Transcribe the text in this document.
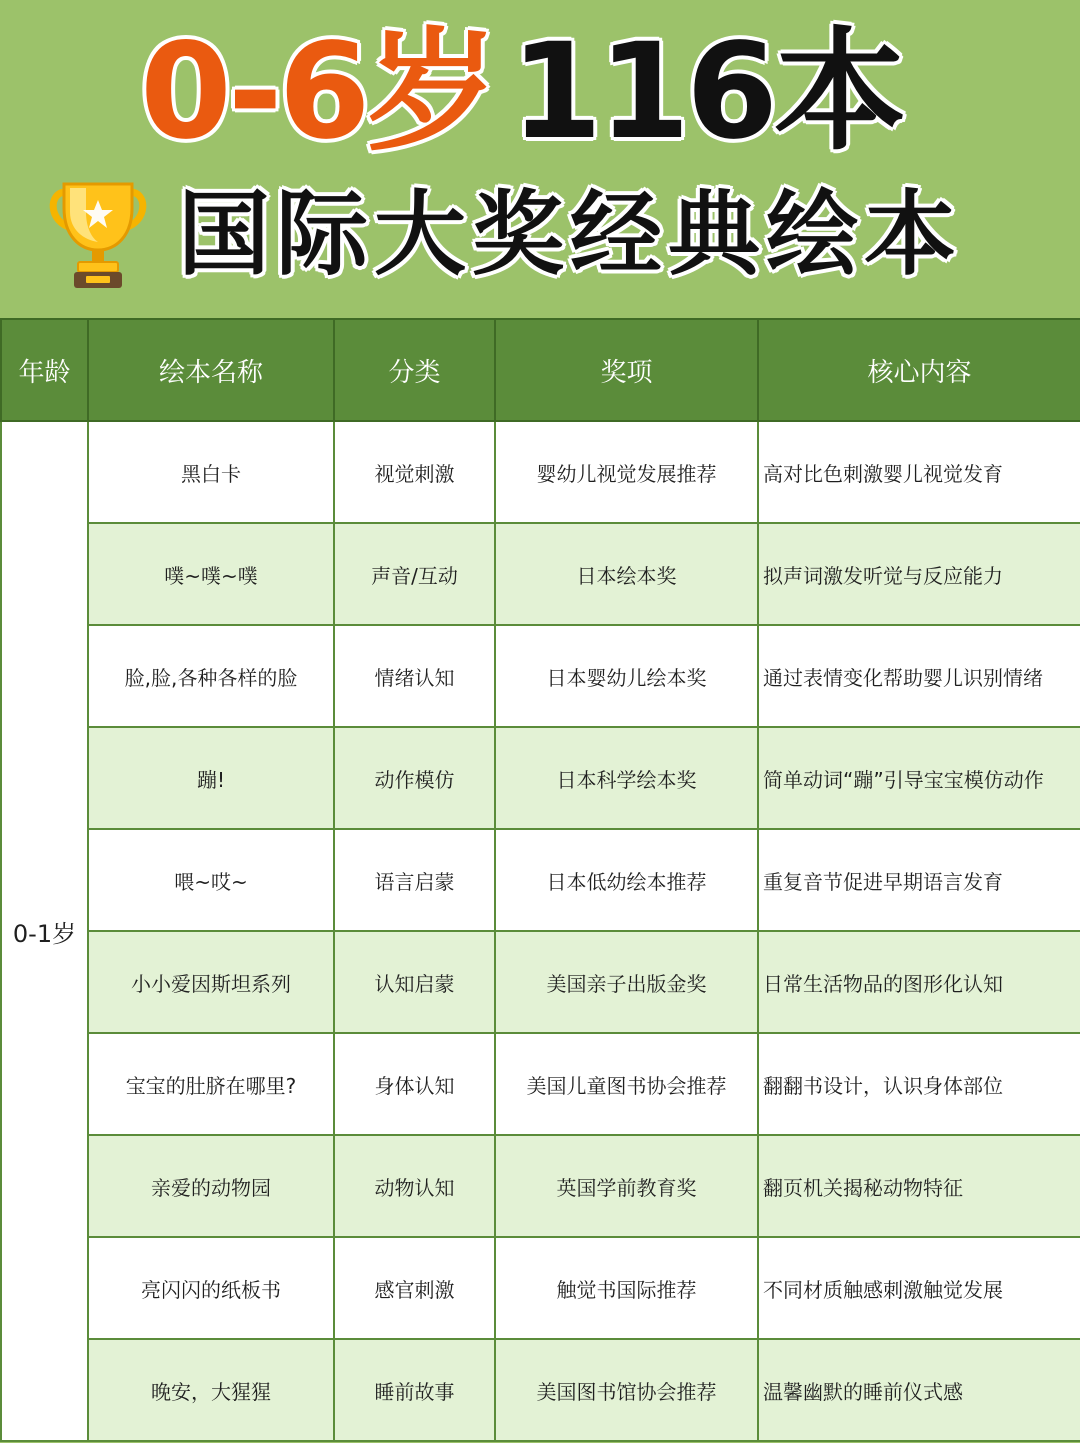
0-6岁 116本
国际大奖经典绘本
年龄	绘本名称	分类	奖项	核心内容
0-1岁	黑白卡	视觉刺激	婴幼儿视觉发展推荐	高对比色刺激婴儿视觉发育
	噗~噗~噗	声音/互动	日本绘本奖	拟声词激发听觉与反应能力
	脸,脸,各种各样的脸	情绪认知	日本婴幼儿绘本奖	通过表情变化帮助婴儿识别情绪
	蹦!	动作模仿	日本科学绘本奖	简单动词“蹦”引导宝宝模仿动作
	喂~哎~	语言启蒙	日本低幼绘本推荐	重复音节促进早期语言发育
	小小爱因斯坦系列	认知启蒙	美国亲子出版金奖	日常生活物品的图形化认知
	宝宝的肚脐在哪里?	身体认知	美国儿童图书协会推荐	翻翻书设计，认识身体部位
	亲爱的动物园	动物认知	英国学前教育奖	翻页机关揭秘动物特征
	亮闪闪的纸板书	感官刺激	触觉书国际推荐	不同材质触感刺激触觉发展
	晚安，大猩猩	睡前故事	美国图书馆协会推荐	温馨幽默的睡前仪式感
